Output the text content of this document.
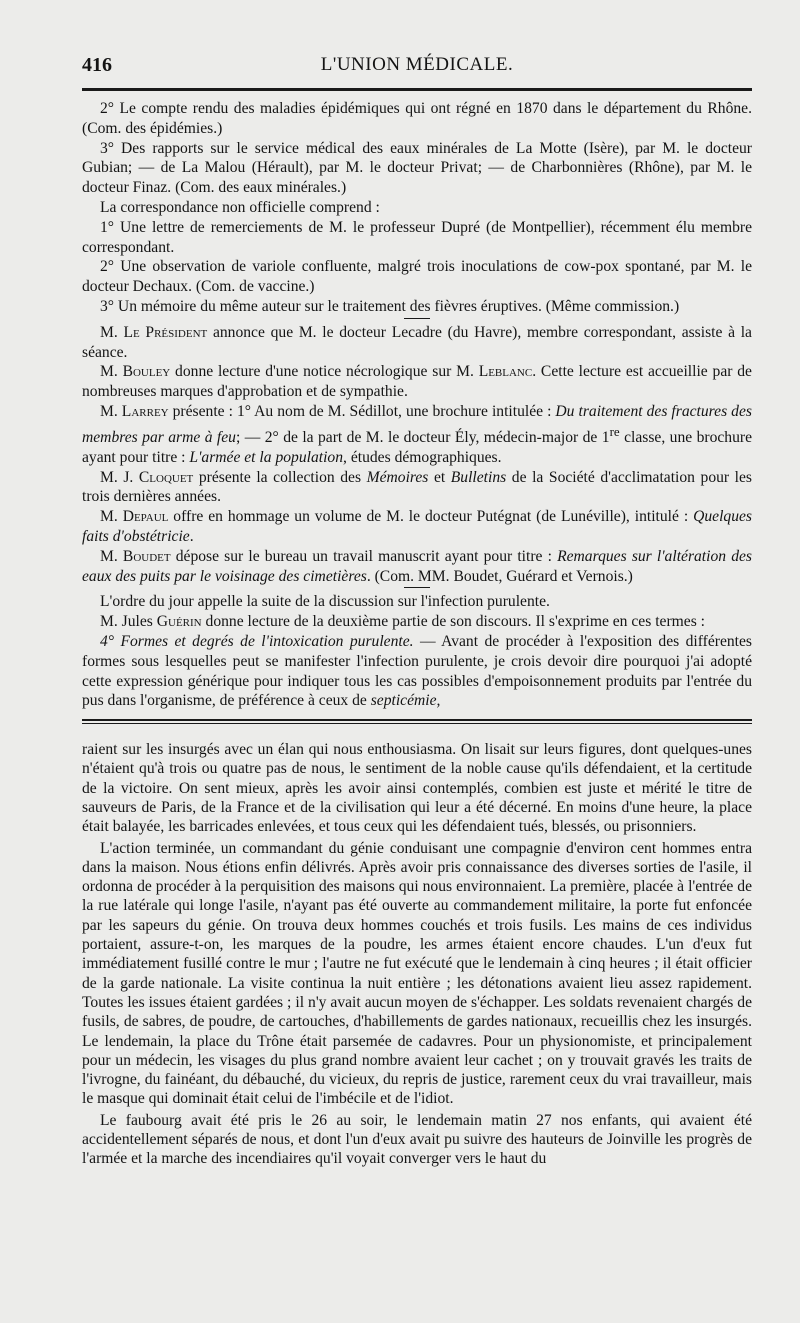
416	L'UNION MÉDICALE.

2° Le compte rendu des maladies épidémiques qui ont régné en 1870 dans le département du Rhône. (Com. des épidémies.)

3° Des rapports sur le service médical des eaux minérales de La Motte (Isère), par M. le docteur Gubian; — de La Malou (Hérault), par M. le docteur Privat; — de Charbonnières (Rhône), par M. le docteur Finaz. (Com. des eaux minérales.)

La correspondance non officielle comprend :

1° Une lettre de remerciements de M. le professeur Dupré (de Montpellier), récemment élu membre correspondant.

2° Une observation de variole confluente, malgré trois inoculations de cow-pox spontané, par M. le docteur Dechaux. (Com. de vaccine.)

3° Un mémoire du même auteur sur le traitement des fièvres éruptives. (Même commission.)

M. Le Président annonce que M. le docteur Lecadre (du Havre), membre correspondant, assiste à la séance.

M. Bouley donne lecture d'une notice nécrologique sur M. Leblanc. Cette lecture est accueillie par de nombreuses marques d'approbation et de sympathie.

M. Larrey présente : 1° Au nom de M. Sédillot, une brochure intitulée : Du traitement des fractures des membres par arme à feu; — 2° de la part de M. le docteur Ély, médecin-major de 1re classe, une brochure ayant pour titre : L'armée et la population, études démographiques.

M. J. Cloquet présente la collection des Mémoires et Bulletins de la Société d'acclimatation pour les trois dernières années.

M. Depaul offre en hommage un volume de M. le docteur Putégnat (de Lunéville), intitulé : Quelques faits d'obstétricie.

M. Boudet dépose sur le bureau un travail manuscrit ayant pour titre : Remarques sur l'altération des eaux des puits par le voisinage des cimetières. (Com. MM. Boudet, Guérard et Vernois.)

L'ordre du jour appelle la suite de la discussion sur l'infection purulente.

M. Jules Guérin donne lecture de la deuxième partie de son discours. Il s'exprime en ces termes :

4° Formes et degrés de l'intoxication purulente. — Avant de procéder à l'exposition des différentes formes sous lesquelles peut se manifester l'infection purulente, je crois devoir dire pourquoi j'ai adopté cette expression générique pour indiquer tous les cas possibles d'empoisonnement produits par l'entrée du pus dans l'organisme, de préférence à ceux de septicémie,

raient sur les insurgés avec un élan qui nous enthousiasma. On lisait sur leurs figures, dont quelques-unes n'étaient qu'à trois ou quatre pas de nous, le sentiment de la noble cause qu'ils défendaient, et la certitude de la victoire. On sent mieux, après les avoir ainsi contemplés, combien est juste et mérité le titre de sauveurs de Paris, de la France et de la civilisation qui leur a été décerné. En moins d'une heure, la place était balayée, les barricades enlevées, et tous ceux qui les défendaient tués, blessés, ou prisonniers.

L'action terminée, un commandant du génie conduisant une compagnie d'environ cent hommes entra dans la maison. Nous étions enfin délivrés. Après avoir pris connaissance des diverses sorties de l'asile, il ordonna de procéder à la perquisition des maisons qui nous environnaient. La première, placée à l'entrée de la rue latérale qui longe l'asile, n'ayant pas été ouverte au commandement militaire, la porte fut enfoncée par les sapeurs du génie. On trouva deux hommes couchés et trois fusils. Les mains de ces individus portaient, assure-t-on, les marques de la poudre, les armes étaient encore chaudes. L'un d'eux fut immédiatement fusillé contre le mur ; l'autre ne fut exécuté que le lendemain à cinq heures ; il était officier de la garde nationale. La visite continua la nuit entière ; les détonations avaient lieu assez rapidement. Toutes les issues étaient gardées ; il n'y avait aucun moyen de s'échapper. Les soldats revenaient chargés de fusils, de sabres, de poudre, de cartouches, d'habillements de gardes nationaux, recueillis chez les insurgés. Le lendemain, la place du Trône était parsemée de cadavres. Pour un physionomiste, et principalement pour un médecin, les visages du plus grand nombre avaient leur cachet ; on y trouvait gravés les traits de l'ivrogne, du fainéant, du débauché, du vicieux, du repris de justice, rarement ceux du vrai travailleur, mais le masque qui dominait était celui de l'imbécile et de l'idiot.

Le faubourg avait été pris le 26 au soir, le lendemain matin 27 nos enfants, qui avaient été accidentellement séparés de nous, et dont l'un d'eux avait pu suivre des hauteurs de Joinville les progrès de l'armée et la marche des incendiaires qu'il voyait converger vers le haut du
